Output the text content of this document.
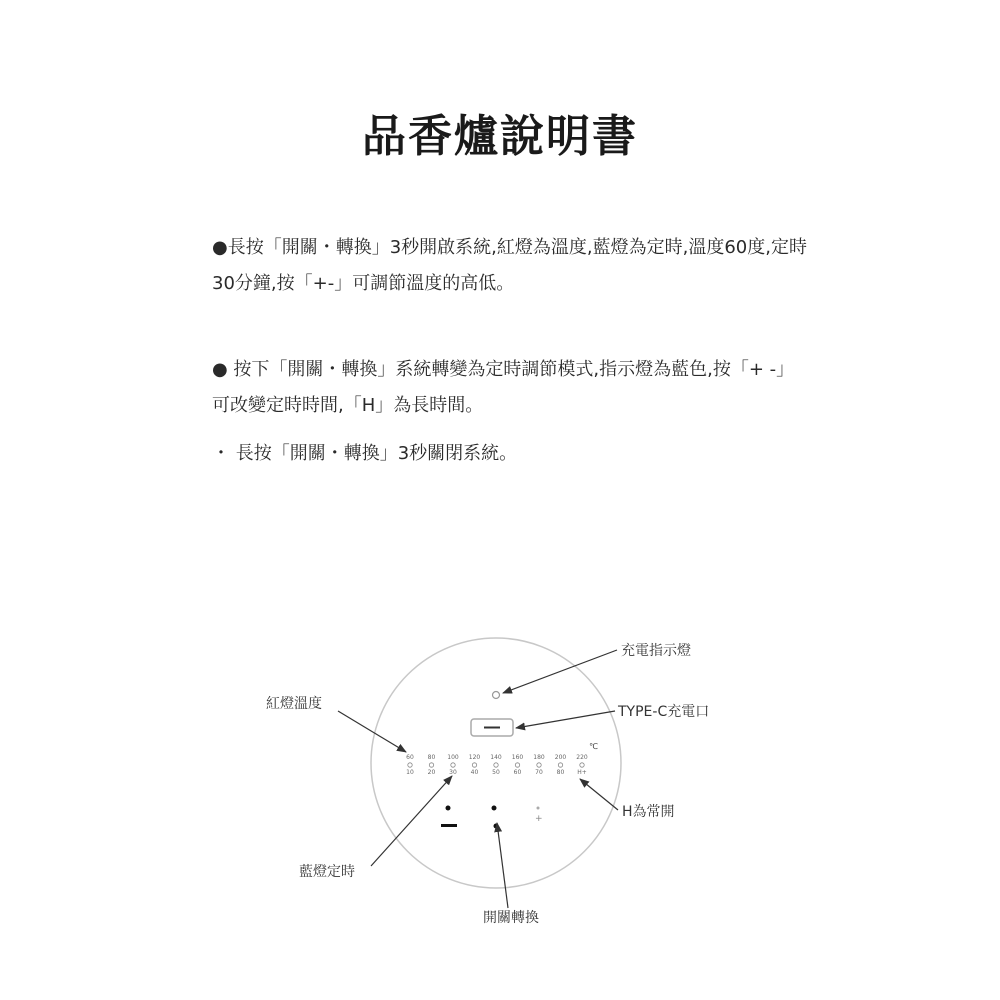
品香爐說明書
●長按「開關・轉換」3秒開啟系統,紅燈為溫度,藍燈為定時,溫度60度,定時30分鐘,按「+-」可調節溫度的高低。
● 按下「開關・轉換」系統轉變為定時調節模式,指示燈為藍色,按「+ -」可改變定時時間,「H」為長時間。
・ 長按「開關・轉換」3秒關閉系統。
℃
60 80 100 120 140 160 180 200 220
10 20 30 40 50 60 70 80 H+
+
充電指示燈
TYPE-C充電口
紅燈溫度
H為常開
藍燈定時
開關轉換
